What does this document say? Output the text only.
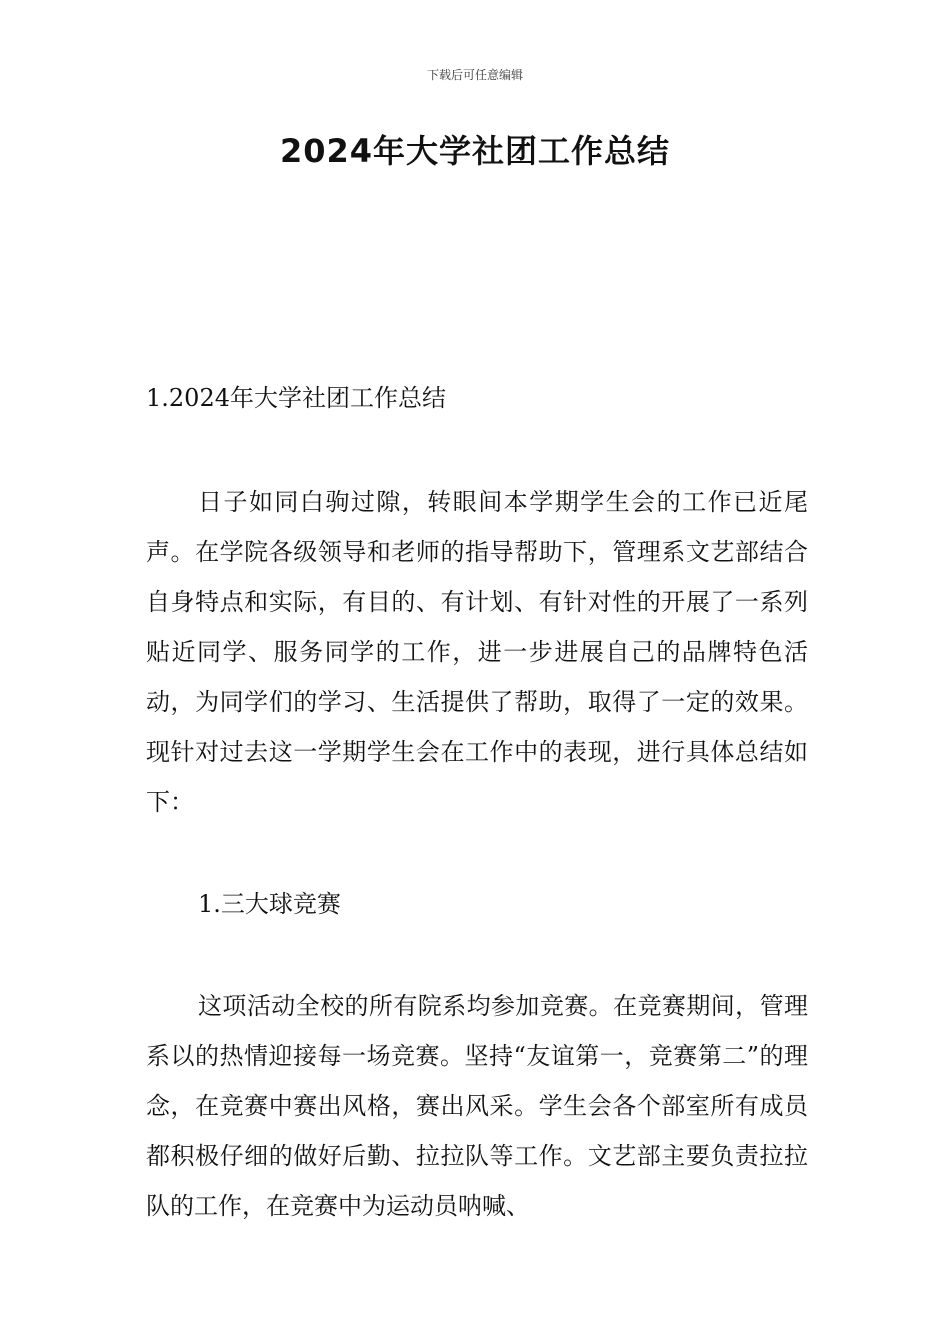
下载后可任意编辑
2024年大学社团工作总结

1.2024年大学社团工作总结

日子如同白驹过隙，转眼间本学期学生会的工作已近尾声。在学院各级领导和老师的指导帮助下，管理系文艺部结合自身特点和实际，有目的、有计划、有针对性的开展了一系列贴近同学、服务同学的工作，进一步进展自己的品牌特色活动，为同学们的学习、生活提供了帮助，取得了一定的效果。现针对过去这一学期学生会在工作中的表现，进行具体总结如下：

1.三大球竞赛

这项活动全校的所有院系均参加竞赛。在竞赛期间，管理系以的热情迎接每一场竞赛。坚持“友谊第一，竞赛第二”的理念，在竞赛中赛出风格，赛出风采。学生会各个部室所有成员都积极仔细的做好后勤、拉拉队等工作。文艺部主要负责拉拉队的工作，在竞赛中为运动员呐喊、
